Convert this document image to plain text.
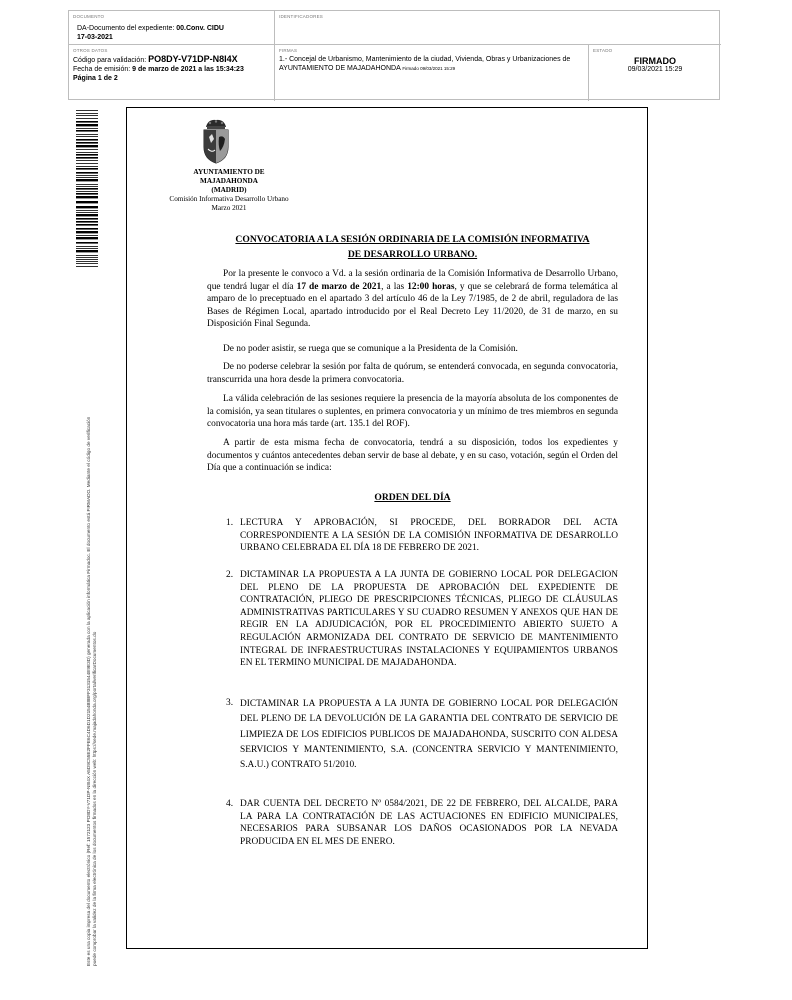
DOCUMENTO
DA-Documento del expediente: 00.Conv. CIDU
17-03-2021
IDENTIFICADORES
OTROS DATOS
Código para validación: PO8DY-V71DP-N8I4X
Fecha de emisión: 9 de marzo de 2021 a las 15:34:23
Página 1 de 2
FIRMAS
1.- Concejal de Urbanismo, Mantenimiento de la ciudad, Vivienda, Obras y Urbanizaciones de
AYUNTAMIENTO DE MAJADAHONDA Firmado 09/03/2021 15:29
ESTADO
FIRMADO
09/03/2021 15:29
Este es una copia impresa del documento electrónico (Ref: 1572123 PO8DY-V71DP-N8I4X A5D9C55E2FFE6C4D6D1D2154B8BFF3131544E9E3D) generada con la aplicación informática Firmadoc. El documento está FIRMADO. Mediante el código de verificación puede comprobar la validez de la firma electrónica de los documentos firmados en la dirección web: https://sede.majadahonda.org/portal/verificarDocumentos.do
AYUNTAMIENTO DE
MAJADAHONDA
(MADRID)
Comisión Informativa Desarrollo Urbano
Marzo 2021
CONVOCATORIA A LA SESIÓN ORDINARIA DE LA COMISIÓN INFORMATIVA
DE DESARROLLO URBANO.

Por la presente le convoco a Vd. a la sesión ordinaria de la Comisión Informativa de Desarrollo Urbano, que tendrá lugar el día 17 de marzo de 2021, a las 12:00 horas, y que se celebrará de forma telemática al amparo de lo preceptuado en el apartado 3 del artículo 46 de la Ley 7/1985, de 2 de abril, reguladora de las Bases de Régimen Local, apartado introducido por el Real Decreto Ley 11/2020, de 31 de marzo, en su Disposición Final Segunda.

De no poder asistir, se ruega que se comunique a la Presidenta de la Comisión.

De no poderse celebrar la sesión por falta de quórum, se entenderá convocada, en segunda convocatoria, transcurrida una hora desde la primera convocatoria.

La válida celebración de las sesiones requiere la presencia de la mayoría absoluta de los componentes de la comisión, ya sean titulares o suplentes, en primera convocatoria y un mínimo de tres miembros en segunda convocatoria una hora más tarde (art. 135.1 del ROF).

A partir de esta misma fecha de convocatoria, tendrá a su disposición, todos los expedientes y documentos y cuántos antecedentes deban servir de base al debate, y en su caso, votación, según el Orden del Día que a continuación se indica:

ORDEN DEL DÍA
1. LECTURA Y APROBACIÓN, SI PROCEDE, DEL BORRADOR DEL ACTA CORRESPONDIENTE A LA SESIÓN DE LA COMISIÓN INFORMATIVA DE DESARROLLO URBANO CELEBRADA EL DÍA 18 DE FEBRERO DE 2021.
2. DICTAMINAR LA PROPUESTA A LA JUNTA DE GOBIERNO LOCAL POR DELEGACION DEL PLENO DE LA PROPUESTA DE APROBACIÓN DEL EXPEDIENTE DE CONTRATACIÓN, PLIEGO DE PRESCRIPCIONES TÉCNICAS, PLIEGO DE CLÁUSULAS ADMINISTRATIVAS PARTICULARES Y SU CUADRO RESUMEN Y ANEXOS QUE HAN DE REGIR EN LA ADJUDICACIÓN, POR EL PROCEDIMIENTO ABIERTO SUJETO A REGULACIÓN ARMONIZADA DEL CONTRATO DE SERVICIO DE MANTENIMIENTO INTEGRAL DE INFRAESTRUCTURAS INSTALACIONES Y EQUIPAMIENTOS URBANOS EN EL TERMINO MUNICIPAL DE MAJADAHONDA.
3. DICTAMINAR LA PROPUESTA A LA JUNTA DE GOBIERNO LOCAL POR DELEGACIÓN DEL PLENO DE LA DEVOLUCIÓN DE LA GARANTIA DEL CONTRATO DE SERVICIO DE LIMPIEZA DE LOS EDIFICIOS PUBLICOS DE MAJADAHONDA, SUSCRITO CON ALDESA SERVICIOS Y MANTENIMIENTO, S.A. (CONCENTRA SERVICIO Y MANTENIMIENTO, S.A.U.) CONTRATO 51/2010.
4. DAR CUENTA DEL DECRETO Nº 0584/2021, DE 22 DE FEBRERO, DEL ALCALDE, PARA LA PARA LA CONTRATACIÓN DE LAS ACTUACIONES EN EDIFICIO MUNICIPALES, NECESARIOS PARA SUBSANAR LOS DAÑOS OCASIONADOS POR LA NEVADA PRODUCIDA EN EL MES DE ENERO.
